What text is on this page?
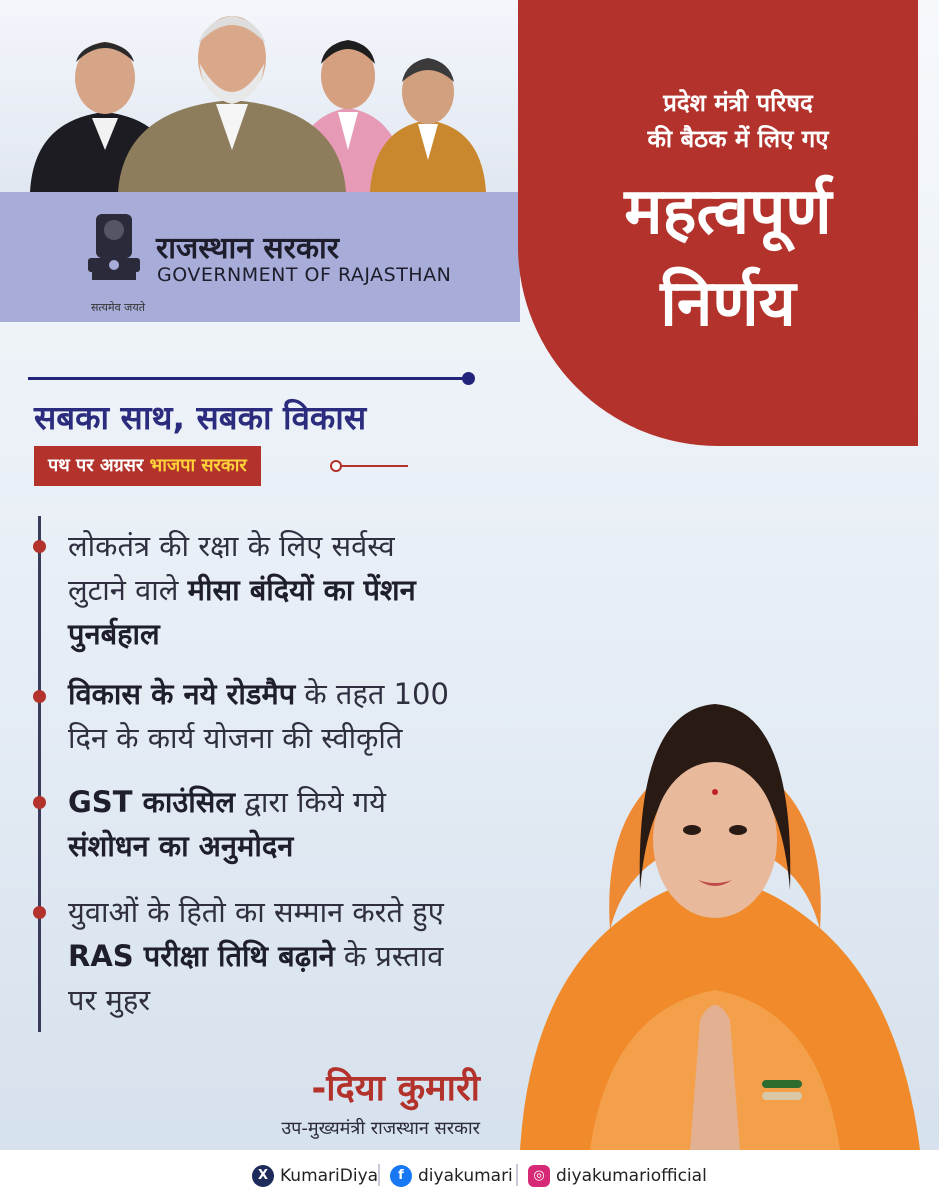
सत्यमेव जयते
राजस्थान सरकार
GOVERNMENT OF RAJASTHAN
प्रदेश मंत्री परिषद
की बैठक में लिए गए
महत्वपूर्ण
निर्णय
सबका साथ, सबका विकास
पथ पर अग्रसर भाजपा सरकार
लोकतंत्र की रक्षा के लिए सर्वस्व
लुटाने वाले मीसा बंदियों का पेंशन
पुनर्बहाल
विकास के नये रोडमैप के तहत 100
दिन के कार्य योजना की स्वीकृति
GST काउंसिल द्वारा किये गये
संशोधन का अनुमोदन
युवाओं के हितो का सम्मान करते हुए
RAS परीक्षा तिथि बढ़ाने के प्रस्ताव
पर मुहर
-दिया कुमारी
उप-मुख्यमंत्री राजस्थान सरकार
X KumariDiya	f diyakumari	◎ diyakumariofficial
